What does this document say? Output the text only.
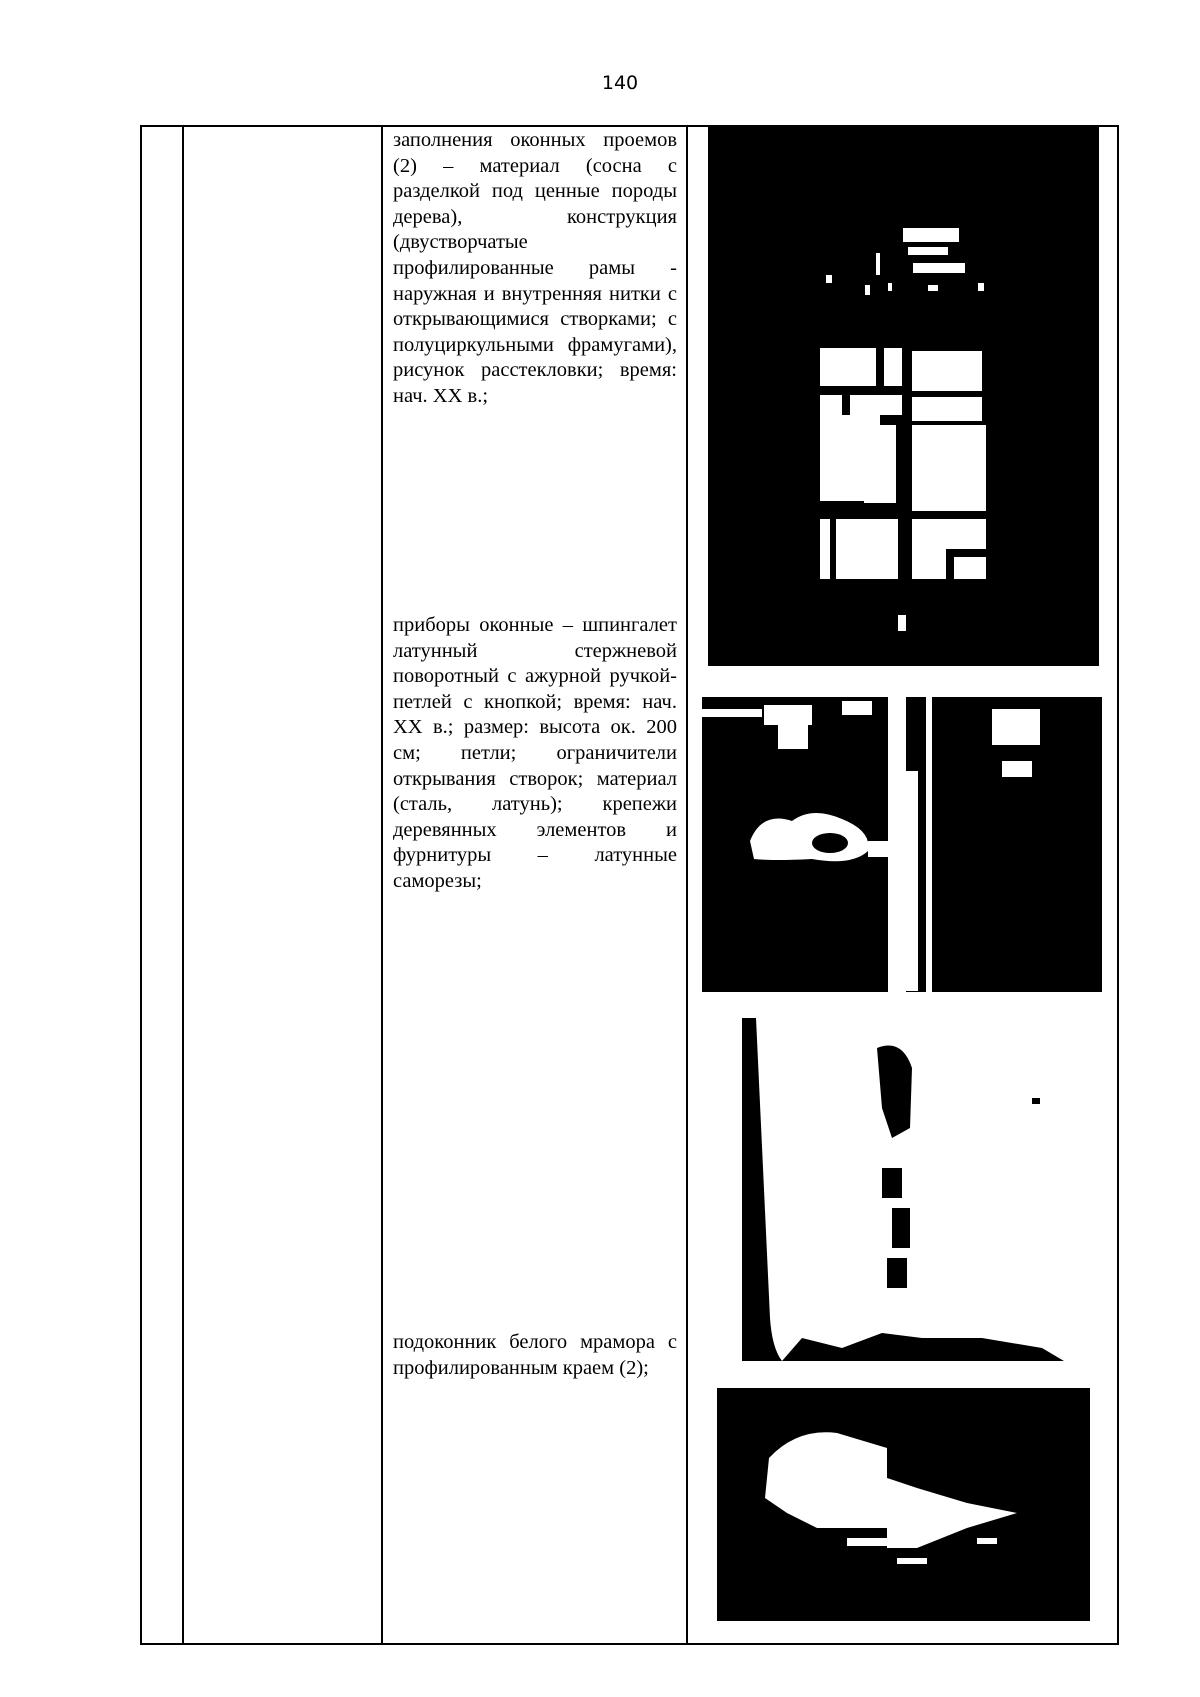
140
заполнения оконных проемов (2) – материал (сосна с разделкой под ценные породы дерева), конструкция (двустворчатые профилированные рамы - наружная и внутренняя нитки с открывающимися створками; с полуциркульными фрамугами), рисунок расстекловки; время: нач. XX в.;
приборы оконные – шпингалет латунный стержневой поворотный с ажурной ручкой-петлей с кнопкой; время: нач. XX в.; размер: высота ок. 200 см; петли; ограничители открывания створок; материал (сталь, латунь); крепежи деревянных элементов и фурнитуры – латунные саморезы;
подоконник белого мрамора с профилированным краем (2);
